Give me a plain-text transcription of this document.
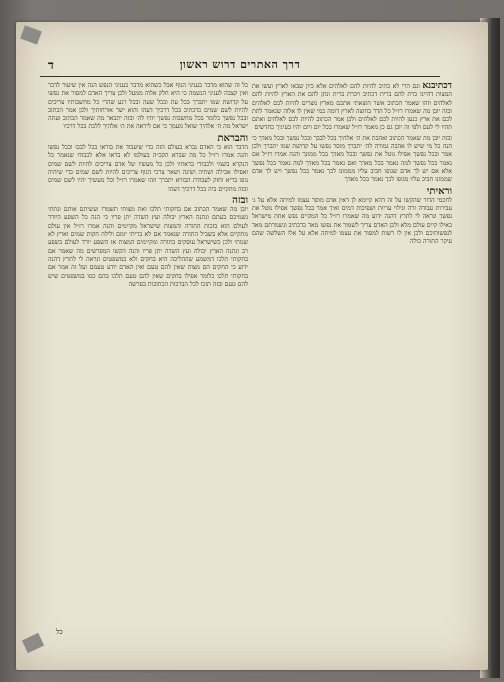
דרך האתרים דרוש ראשון
ד

דכתיבנא וגם הרי לא כתיב להיות להם לאלהים אלא כיון שבאו לארץ ועשו את המצות דהיינו כרת להם ברית דכתיב ויכרת ברית ונתן להם את הארץ להיות להם לאלהים וזהו שאמר הכתוב אשר הוצאתי אתכם מארץ מצרים להיות לכם לאלהים ובזה יובן מה שאמרו רז״ל כל הדר בחוצה לארץ דומה כמי שאין לו אלוה שנאמר לתת לכם את ארץ כנען להיות לכם לאלהים ולכן אמר הכתוב להיות לכם לאלהים ואתם תהיו לי לעם ולפי זה יובן גם כן מאמר רז״ל שאמרו בכל יום ויום יהיו בעיניך כחדשים

ובזה יובן מה שאמר הכתוב ואהבת את ה׳ אלהיך בכל לבבך ובכל נפשך ובכל מאדך כי הנה כל מי שיש לו אהבה גמורה לה׳ יתברך מוסר נפשו על קדושת שמו יתברך ולכן אמר ובכל נפשך אפילו נוטל את נפשך ובכל מאדך בכל ממונך והנה אמרו רז״ל אם נאמר בכל נפשך למה נאמר בכל מאדך ואם נאמר בכל מאדך למה נאמר בכל נפשך אלא אם יש לך אדם שגופו חביב עליו מממונו לכך נאמר בכל נפשך ויש לך אדם שממונו חביב עליו מגופו לכך נאמר בכל מאדך

וראיתי
לחכמי הדור שהקשו על זה דהא קיימא לן דאין אדם מוסר עצמו למיתה אלא על ג׳ עבירות עבודה זרה וגילוי עריות ושפיכות דמים ואיך אמר בכל נפשך אפילו נוטל את נפשך ונראה לי לתרץ דהנה ידוע מה שאמרו רז״ל כל המקיים נפש אחת מישראל כאילו קיים עולם מלא ולכן האדם צריך לשמור את נפשו מאד כדכתיב ונשמרתם מאד לנפשותיכם ולכן אין לו רשות למסור את עצמו למיתה אלא על אלו השלשה שהם עיקר התורה כולה

כל זה שהוא מדבר בעניני הגוף אבל כשהוא מדבר בעניני הנפש הנה אין שיעור לדבר ואין קצבה לעניני הנשמה כי היא חלק אלוה ממעל ולכן צריך האדם למסור את נפשו על קדושת שמו יתברך בכל עת ובכל שעה ובכל רגע שהרי כל מחשבותיו צריכים להיות לשם שמים כדכתיב בכל דרכיך דעהו והוא ישר אורחותיך ולכן אמר הכתוב ובכל נפשך כלומר בכל מחשבות נפשך יהיו לה׳ ובזה יתבאר מה שאמר הכתוב ועתה ישראל מה ה׳ אלהיך שואל מעמך כי אם ליראה את ה׳ אלהיך ללכת בכל דרכיו

והבראת
הדבר הוא כי האדם נברא בעולם הזה כדי שיעבוד את בוראו בכל לבבו ובכל נפשו והנה אמרו רז״ל כל מה שברא הקב״ה בעולמו לא בראו אלא לכבודו שנאמר כל הנקרא בשמי ולכבודי בראתיו ולכן כל מעשיו של אדם צריכים להיות לשם שמים ואפילו אכילה ושתיה ושינה ושאר צרכי הגוף צריכים להיות לשם שמים כדי שיהיה גופו בריא וחזק לעבודת הבורא יתברך וזהו שאמרו רז״ל וכל מעשיך יהיו לשם שמים ובזה מתקיים ביה בכל דרכיך דעהו

ובזה
יובן מה שאמר הכתוב אם בחקותי תלכו ואת מצותי תשמרו ועשיתם אותם ונתתי גשמיכם בעתם ונתנה הארץ יבולה ועץ השדה יתן פריו כי הנה כל השפע היורד לעולם הוא בזכות התורה והמצות שישראל מקיימים והנה אמרו רז״ל אין עולם מתקיים אלא בשביל התורה שנאמר אם לא בריתי יומם ולילה חקות שמים וארץ לא שמתי ולכן כשישראל עוסקים בתורה ומקיימים המצות אז השפע יורד לעולם בשפע רב ונתנה הארץ יבולה ועץ השדה יתן פריו והנה הקשו המפרשים מה שאמר אם בחקותי תלכו דמשמע שההליכה היא בחקים ולא במשפטים ונראה לי לתרץ דהנה ידוע כי החקים הם מצות שאין להם טעם ואין האדם יודע טעמם ועל זה אמר אם בחקותי תלכו כלומר אפילו בחקים שאין להם טעם תלכו בהם כמו במשפטים שיש להם טעם ובזה תזכו לכל הברכות הכתובות בפרשה

כל
